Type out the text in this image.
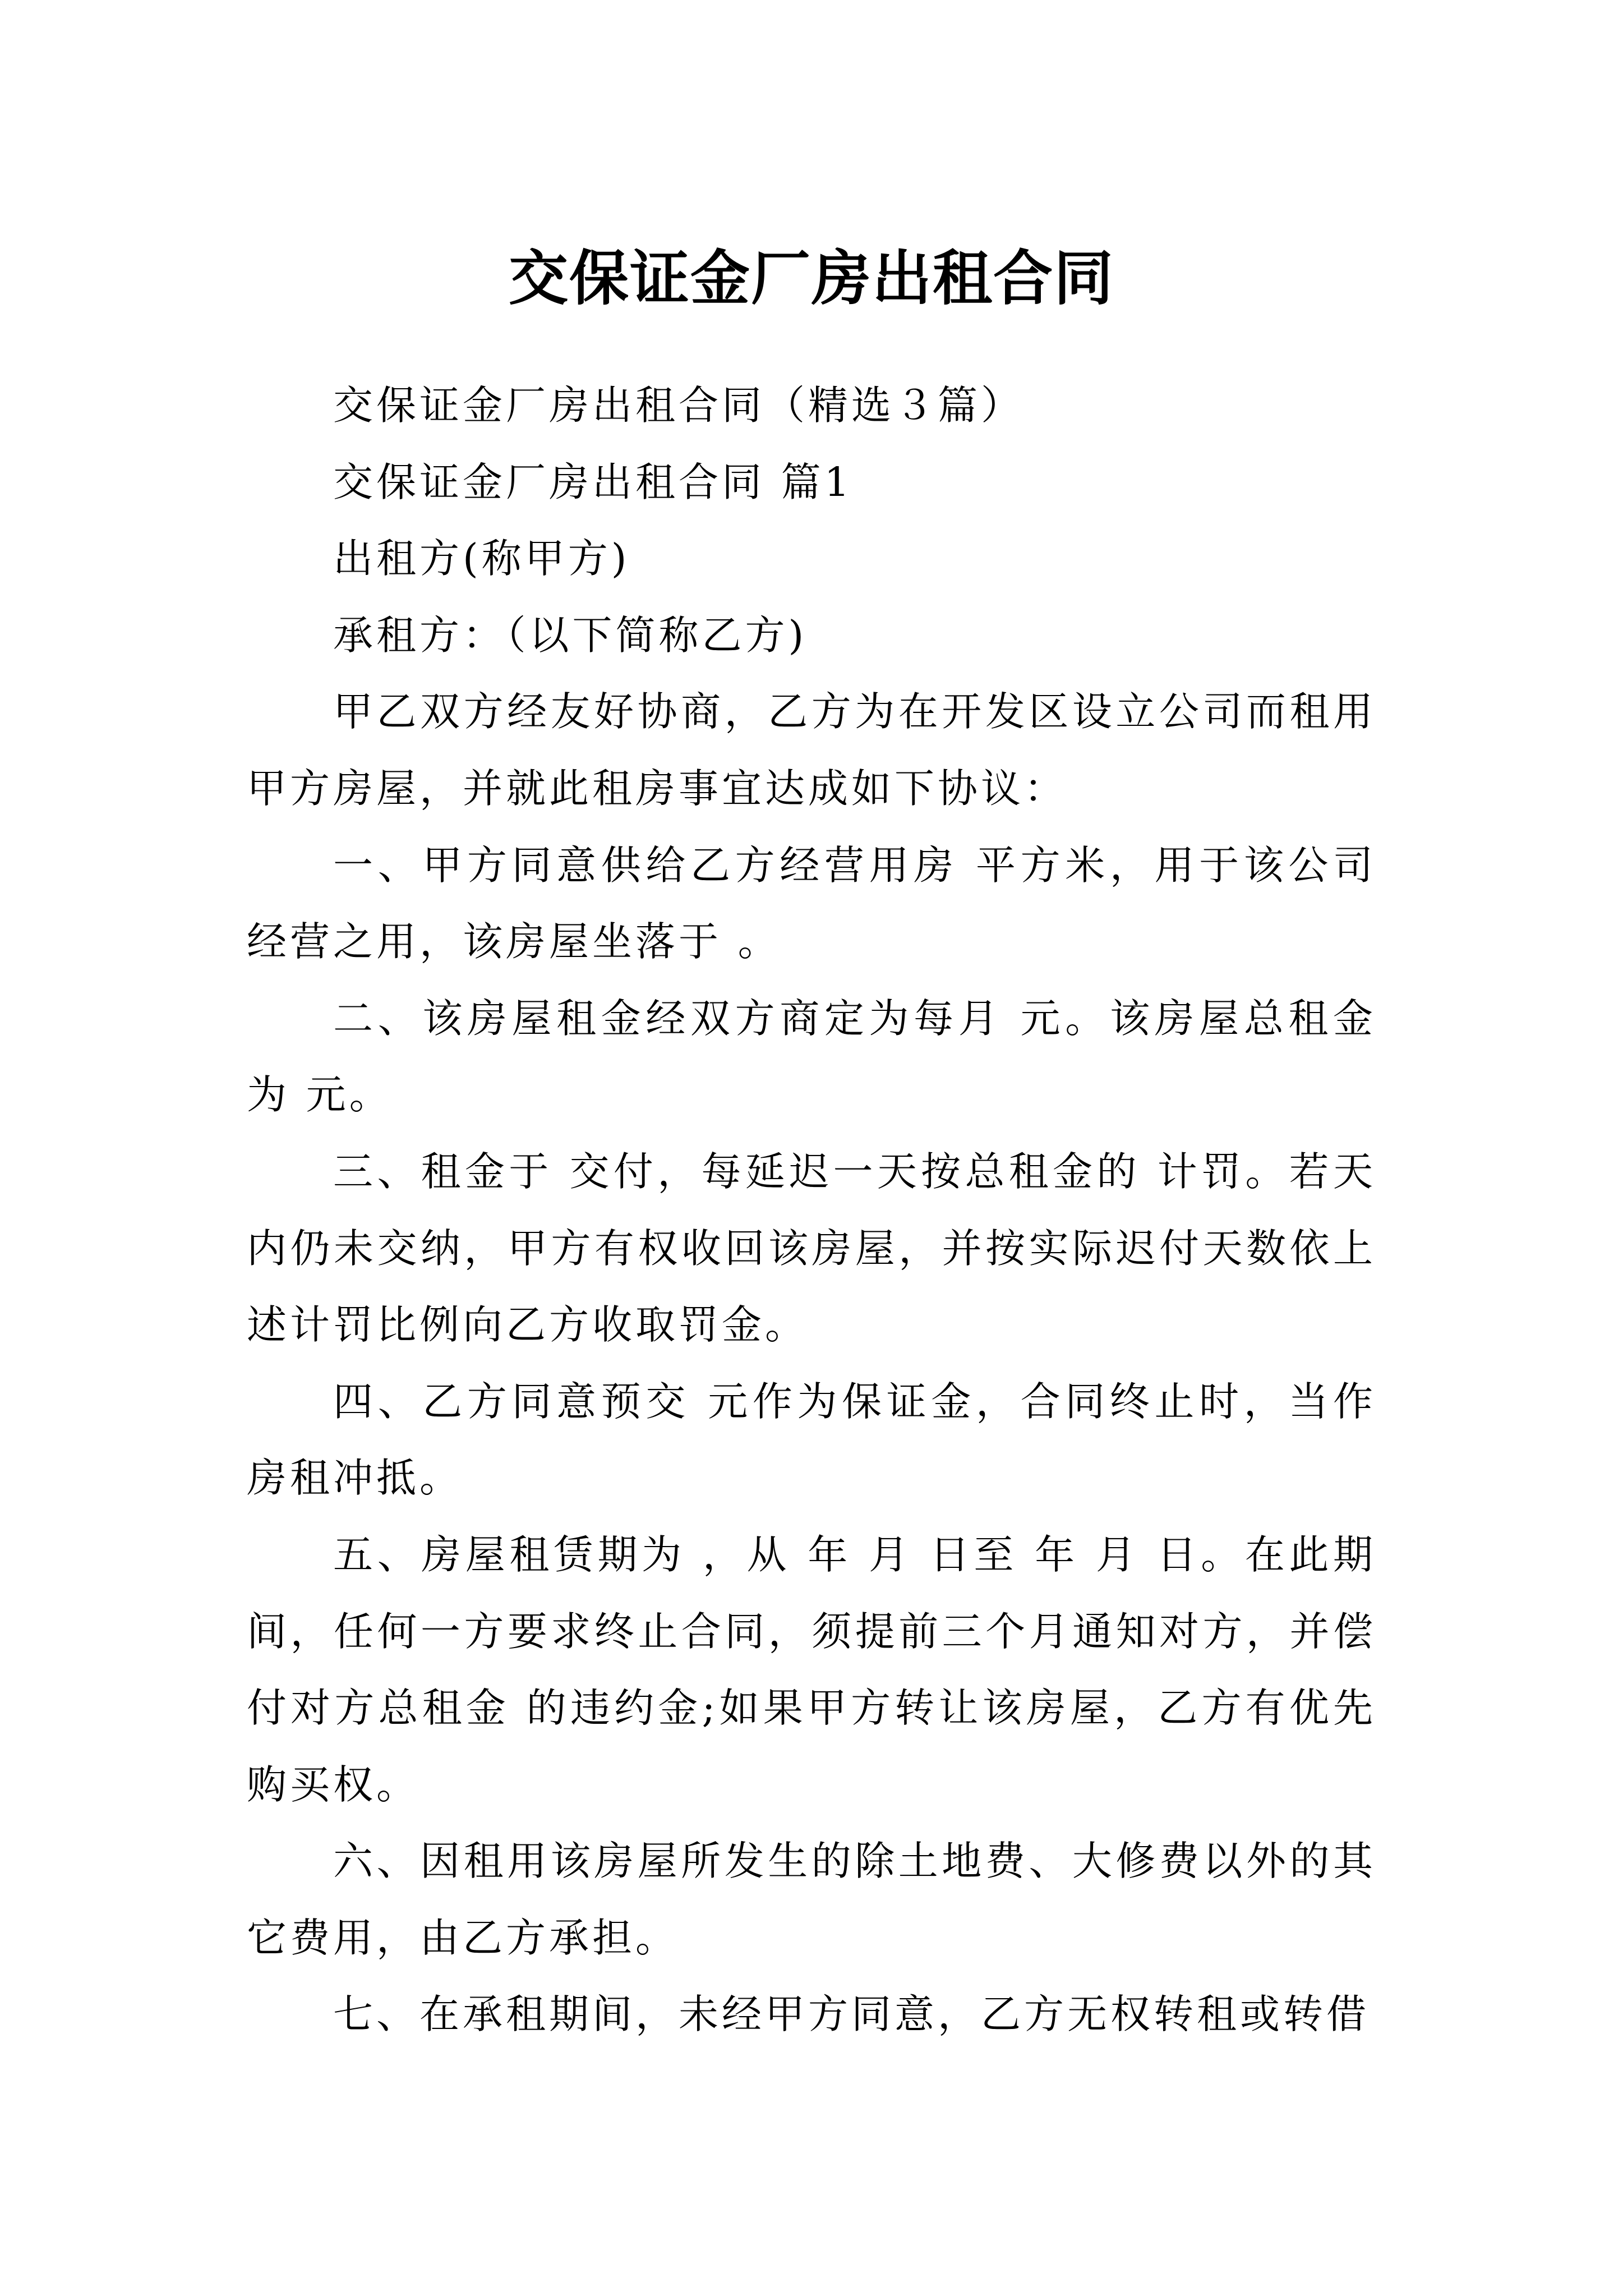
交保证金厂房出租合同

交保证金厂房出租合同（精选３篇）

交保证金厂房出租合同 篇1

出租方(称甲方)

承租方：（以下简称乙方)

甲乙双方经友好协商，乙方为在开发区设立公司而租用甲方房屋，并就此租房事宜达成如下协议：

一、甲方同意供给乙方经营用房 平方米，用于该公司经营之用，该房屋坐落于 。

二、该房屋租金经双方商定为每月 元。该房屋总租金为 元。

三、租金于 交付，每延迟一天按总租金的 计罚。若天内仍未交纳，甲方有权收回该房屋，并按实际迟付天数依上述计罚比例向乙方收取罚金。

四、乙方同意预交 元作为保证金，合同终止时，当作房租冲抵。

五、房屋租赁期为 ，从 年 月 日至 年 月 日。在此期间，任何一方要求终止合同，须提前三个月通知对方，并偿付对方总租金 的违约金;如果甲方转让该房屋，乙方有优先购买权。

六、因租用该房屋所发生的除土地费、大修费以外的其它费用，由乙方承担。

七、在承租期间，未经甲方同意，乙方无权转租或转借
